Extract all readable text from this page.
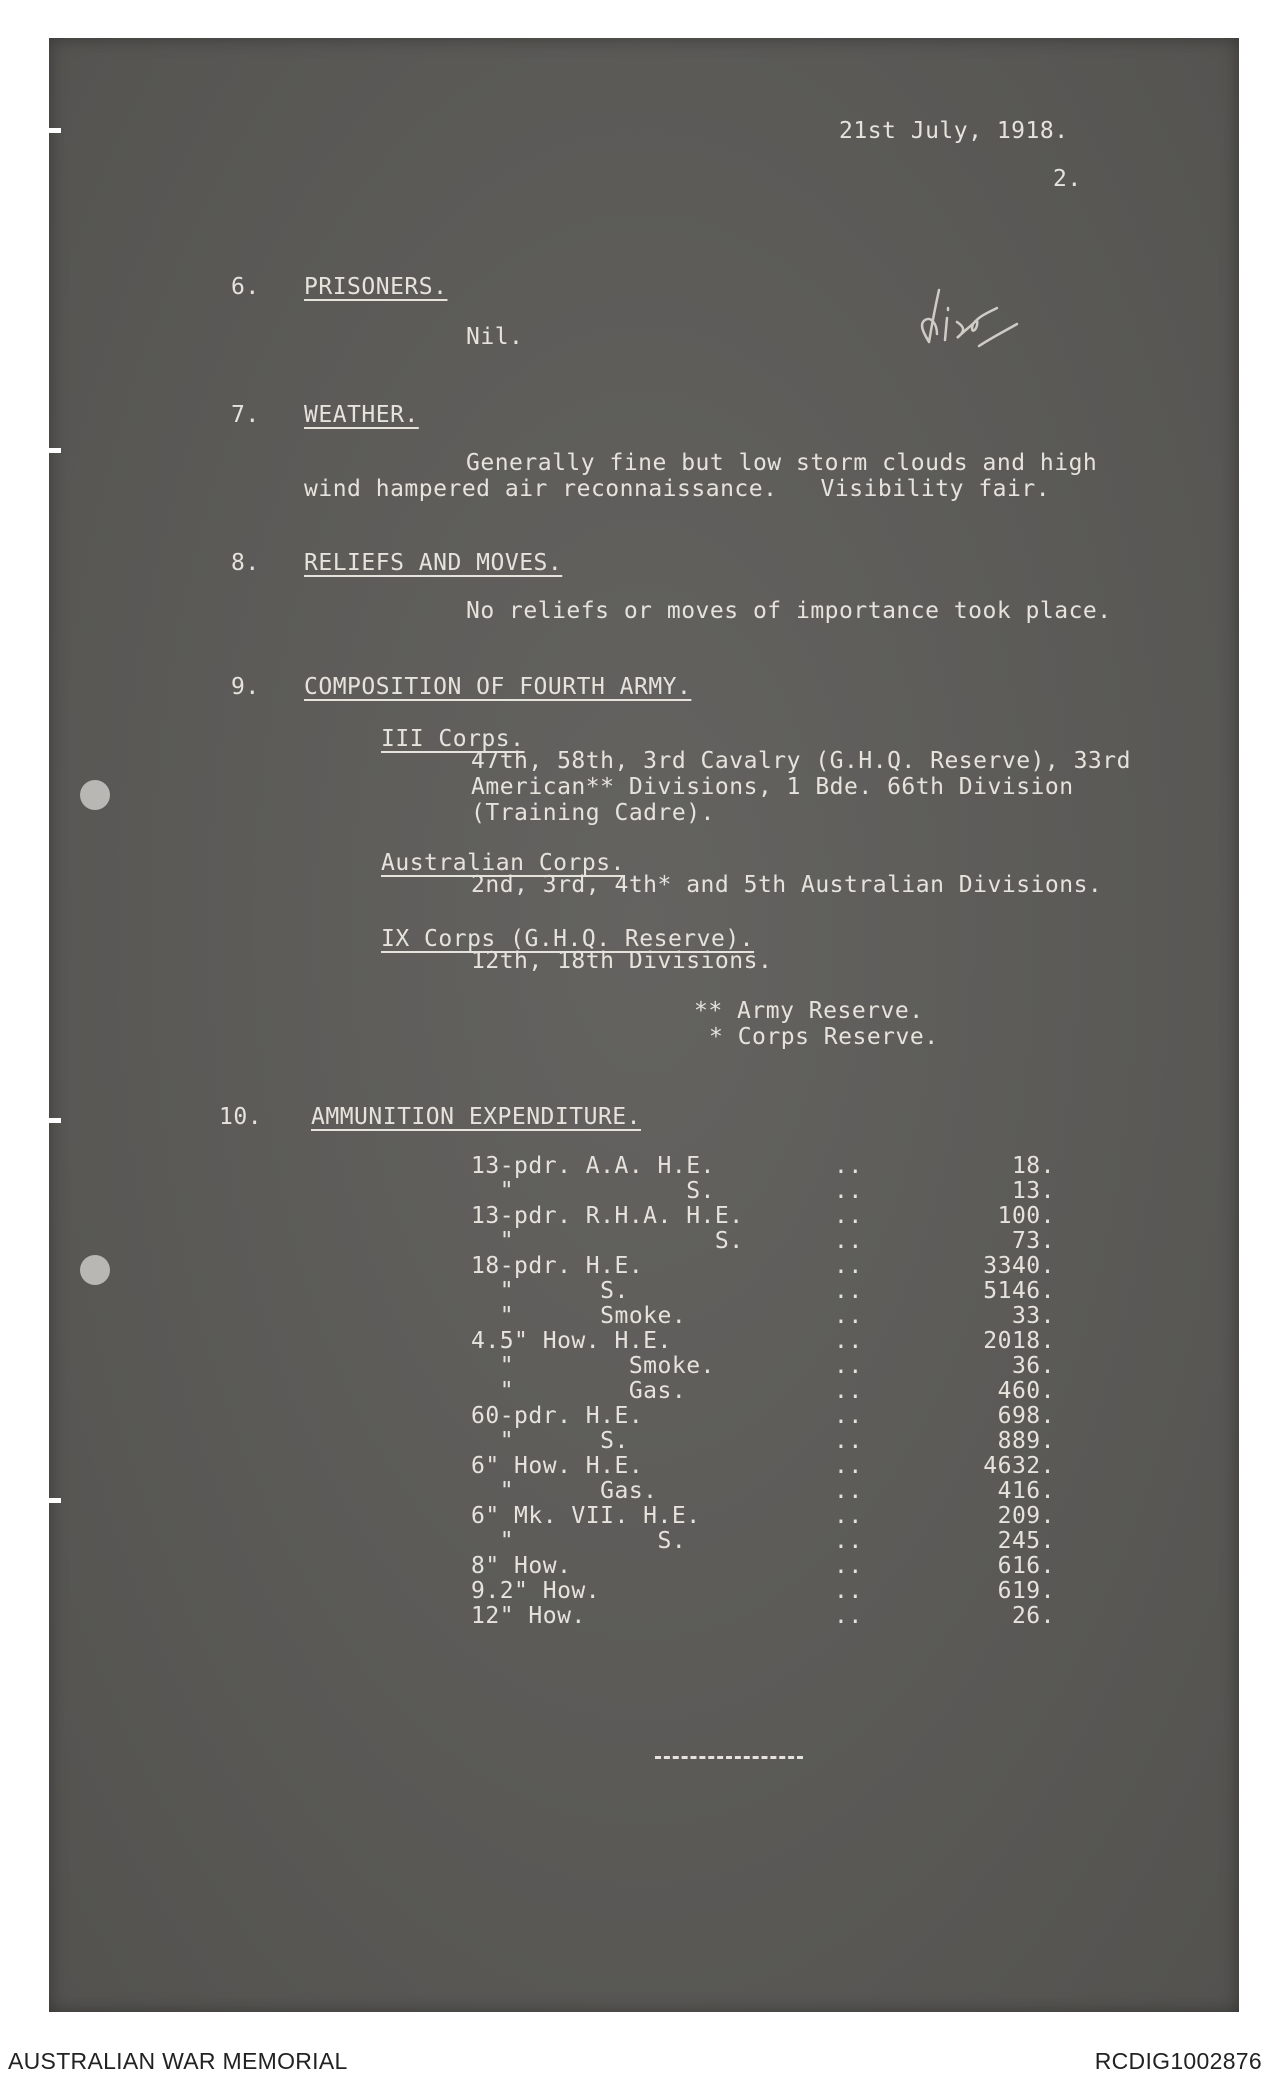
21st July, 1918.
2.
6. PRISONERS.
Nil.
7. WEATHER.
Generally fine but low storm clouds and high
wind hampered air reconnaissance.   Visibility fair.
8. RELIEFS AND MOVES.
No reliefs or moves of importance took place.
9. COMPOSITION OF FOURTH ARMY.
III Corps.
47th, 58th, 3rd Cavalry (G.H.Q. Reserve), 33rd
American** Divisions, 1 Bde. 66th Division
(Training Cadre).
Australian Corps.
2nd, 3rd, 4th* and 5th Australian Divisions.
IX Corps (G.H.Q. Reserve).
12th, 18th Divisions.
** Army Reserve.
* Corps Reserve.
10. AMMUNITION EXPENDITURE.
13-pdr. A.A. H.E.	..	18.
"            S.	..	13.
13-pdr. R.H.A. H.E.	..	100.
"              S.	..	73.
18-pdr. H.E.	..	3340.
"      S.	..	5146.
"      Smoke.	..	33.
4.5" How. H.E.	..	2018.
"        Smoke.	..	36.
"        Gas.	..	460.
60-pdr. H.E.	..	698.
"      S.	..	889.
6" How. H.E.	..	4632.
"      Gas.	..	416.
6" Mk. VII. H.E.	..	209.
"          S.	..	245.
8" How.	..	616.
9.2" How.	..	619.
12" How.	..	26.
AUSTRALIAN WAR MEMORIAL	RCDIG1002876
